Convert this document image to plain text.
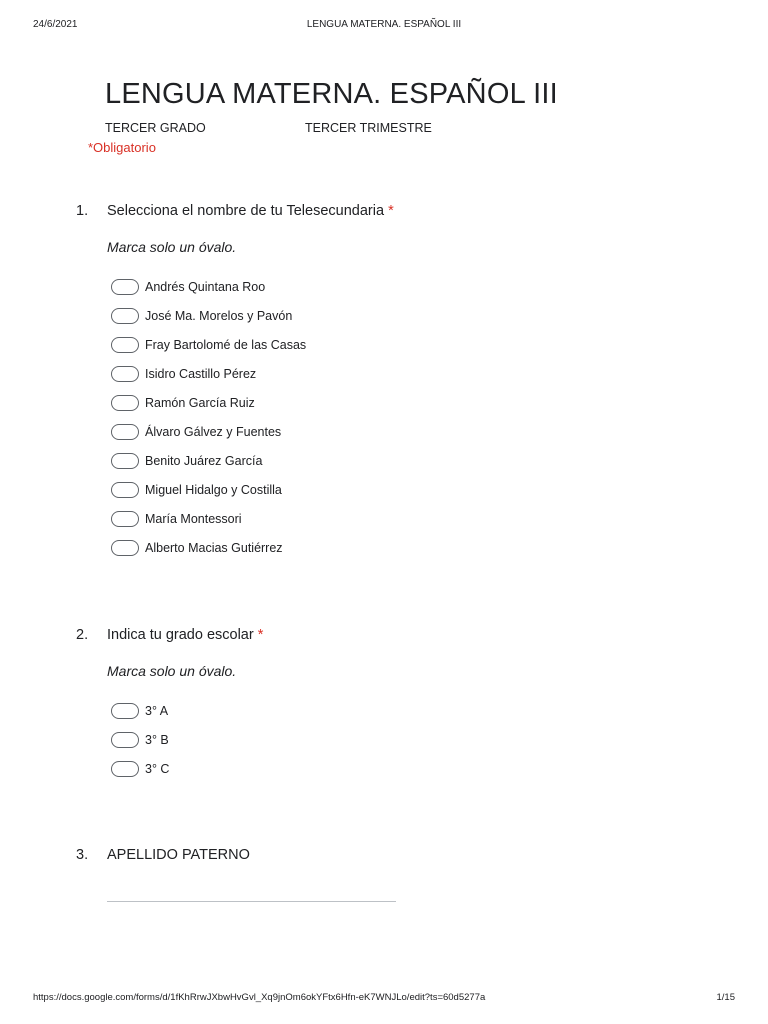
24/6/2021	LENGUA MATERNA. ESPAÑOL III
LENGUA MATERNA. ESPAÑOL III
TERCER GRADO	TERCER TRIMESTRE
*Obligatorio
1. Selecciona el nombre de tu Telesecundaria *
Marca solo un óvalo.
Andrés Quintana Roo
José Ma. Morelos y Pavón
Fray Bartolomé de las Casas
Isidro Castillo Pérez
Ramón García Ruiz
Álvaro Gálvez y Fuentes
Benito Juárez García
Miguel Hidalgo y Costilla
María Montessori
Alberto Macias Gutiérrez
2. Indica tu grado escolar *
Marca solo un óvalo.
3° A
3° B
3° C
3. APELLIDO PATERNO
https://docs.google.com/forms/d/1fKhRrwJXbwHvGvl_Xq9jnOm6okYFtx6Hfn-eK7WNJLo/edit?ts=60d5277a	1/15
